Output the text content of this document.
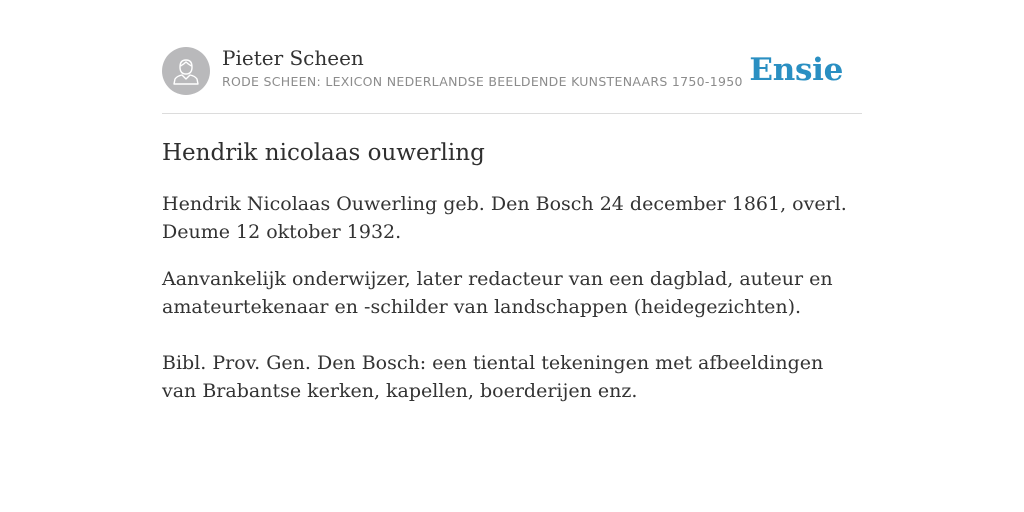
Pieter Scheen
RODE SCHEEN: LEXICON NEDERLANDSE BEELDENDE KUNSTENAARS 1750-1950 Ensie
Hendrik nicolaas ouwerling

Hendrik Nicolaas Ouwerling geb. Den Bosch 24 december 1861, overl. Deume 12 oktober 1932.

Aanvankelijk onderwijzer, later redacteur van een dagblad, auteur en amateurtekenaar en -schilder van landschappen (heidegezichten).

Bibl. Prov. Gen. Den Bosch: een tiental tekeningen met afbeeldingen van Brabantse kerken, kapellen, boerderijen enz.
